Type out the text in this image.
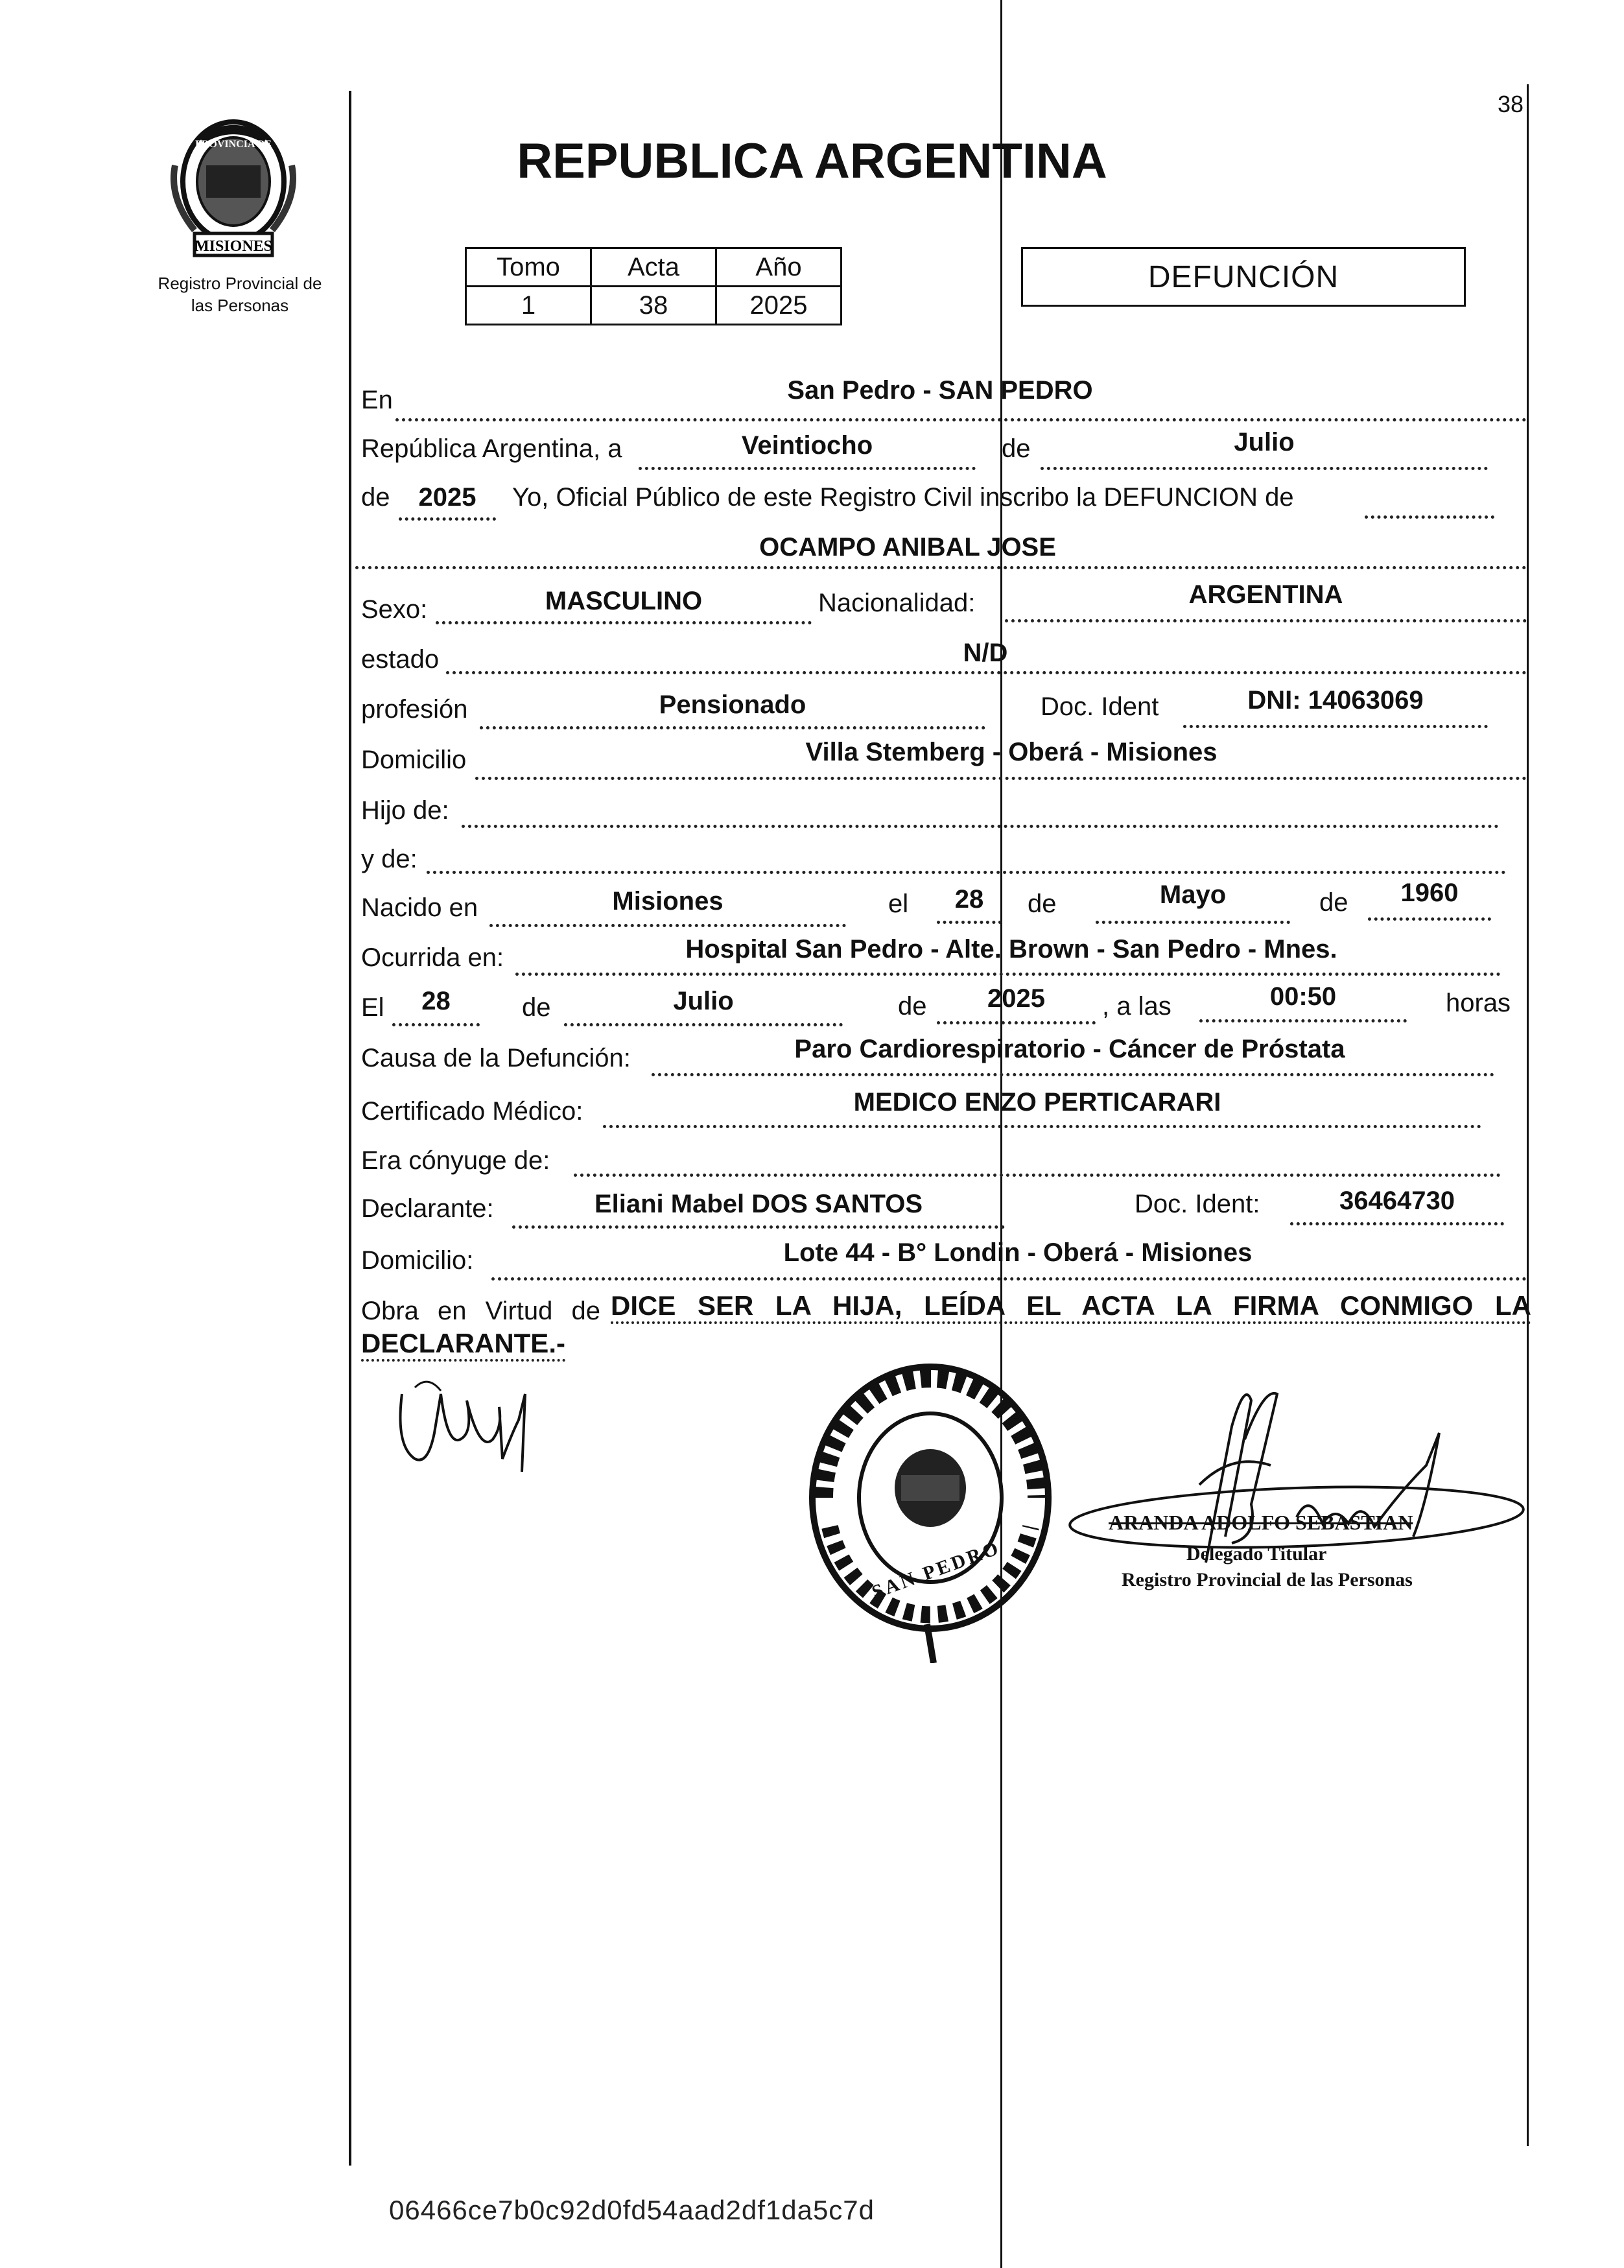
38
MISIONES
PROVINCIA DE
Registro Provincial de
las Personas
REPUBLICA ARGENTINA
Tomo	Acta	Año
1	38	2025
DEFUNCIÓN
En	San Pedro - SAN PEDRO
República Argentina, a	Veintiocho	de	Julio
de	2025	Yo, Oficial Público de este Registro Civil inscribo la DEFUNCION de
OCAMPO ANIBAL JOSE
Sexo:	MASCULINO	Nacionalidad:	ARGENTINA
estado	N/D
profesión	Pensionado	Doc. Ident	DNI: 14063069
Domicilio	Villa Stemberg - Oberá - Misiones
Hijo de:
y de:
Nacido en	Misiones	el	28	de	Mayo	de	1960
Ocurrida en:	Hospital San Pedro - Alte. Brown - San Pedro - Mnes.
El	28	de	Julio	de	2025	, a las	00:50	horas
Causa de la Defunción:	Paro Cardiorespiratorio - Cáncer de Próstata
Certificado Médico:	MEDICO ENZO PERTICARARI
Era cónyuge de:
Declarante:	Eliani Mabel DOS SANTOS	Doc. Ident:	36464730
Domicilio:	Lote 44 - B° Londin - Oberá - Misiones
Obra en Virtud de DICE SER LA HIJA, LEÍDA EL ACTA LA FIRMA CONMIGO LA
DECLARANTE.-
SAN PEDRO
ARANDA ADOLFO SEBASTIAN
Delegado Titular
Registro Provincial de las Personas
06466ce7b0c92d0fd54aad2df1da5c7d
